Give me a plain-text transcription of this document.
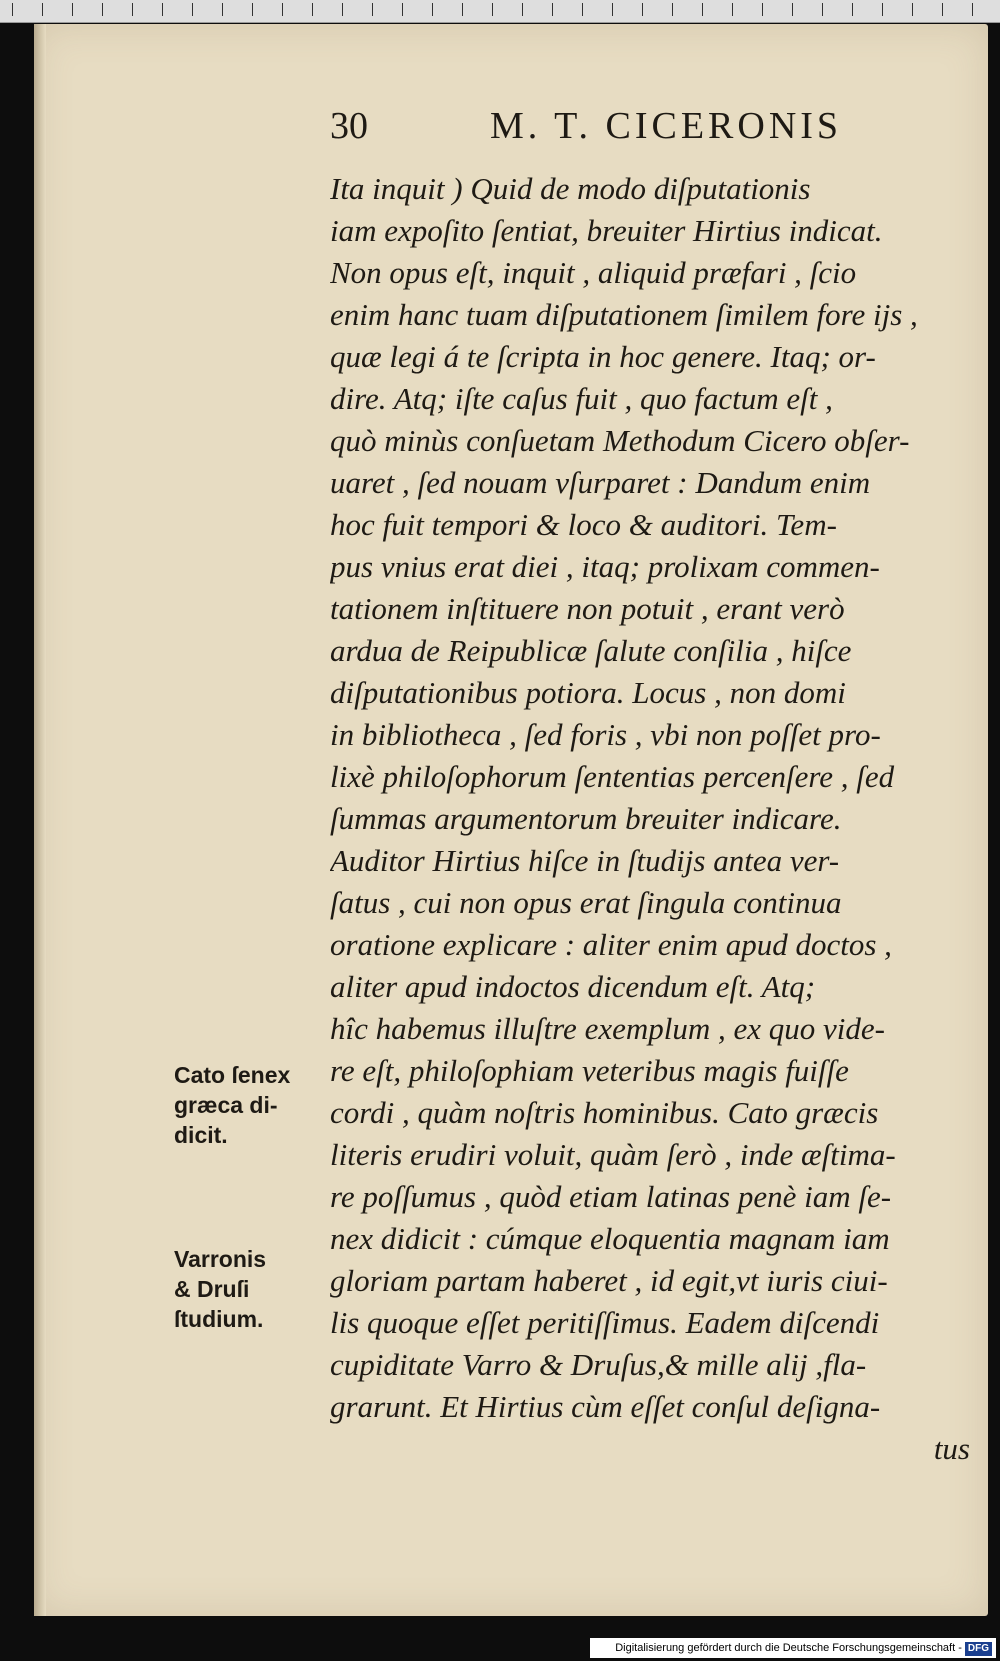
30	M. T. CICERONIS
Ita inquit ) Quid de modo diſputationis
iam expoſito ſentiat, breuiter Hirtius indicat.
Non opus eſt, inquit , aliquid præfari , ſcio
enim hanc tuam diſputationem ſimilem fore ijs ,
quæ legi á te ſcripta in hoc genere. Itaq; or-
dire. Atq; iſte caſus fuit , quo factum eſt ,
quò minùs conſuetam Methodum Cicero obſer-
uaret , ſed nouam vſurparet : Dandum enim
hoc fuit tempori & loco & auditori. Tem-
pus vnius erat diei , itaq; prolixam commen-
tationem inſtituere non potuit , erant verò
ardua de Reipublicæ ſalute conſilia , hiſce
diſputationibus potiora. Locus , non domi
in bibliotheca , ſed foris , vbi non poſſet pro-
lixè philoſophorum ſententias percenſere , ſed
ſummas argumentorum breuiter indicare.
Auditor Hirtius hiſce in ſtudijs antea ver-
ſatus , cui non opus erat ſingula continua
oratione explicare : aliter enim apud doctos ,
aliter apud indoctos dicendum eſt. Atq;
hîc habemus illuſtre exemplum , ex quo vide-
re eſt, philoſophiam veteribus magis fuiſſe
cordi , quàm noſtris hominibus. Cato græcis
literis erudiri voluit, quàm ſerò , inde æſtima-
re poſſumus , quòd etiam latinas penè iam ſe-
nex didicit : cúmque eloquentia magnam iam
gloriam partam haberet , id egit,vt iuris ciui-
lis quoque eſſet peritiſſimus. Eadem diſcendi
cupiditate Varro & Druſus,& mille alij ,fla-
grarunt. Et Hirtius cùm eſſet conſul deſigna-
tus
Cato ſenex
græca di-
dicit.
Varronis
& Druſi
ſtudium.
Digitalisierung gefördert durch die Deutsche Forschungsgemeinschaft - DFG
